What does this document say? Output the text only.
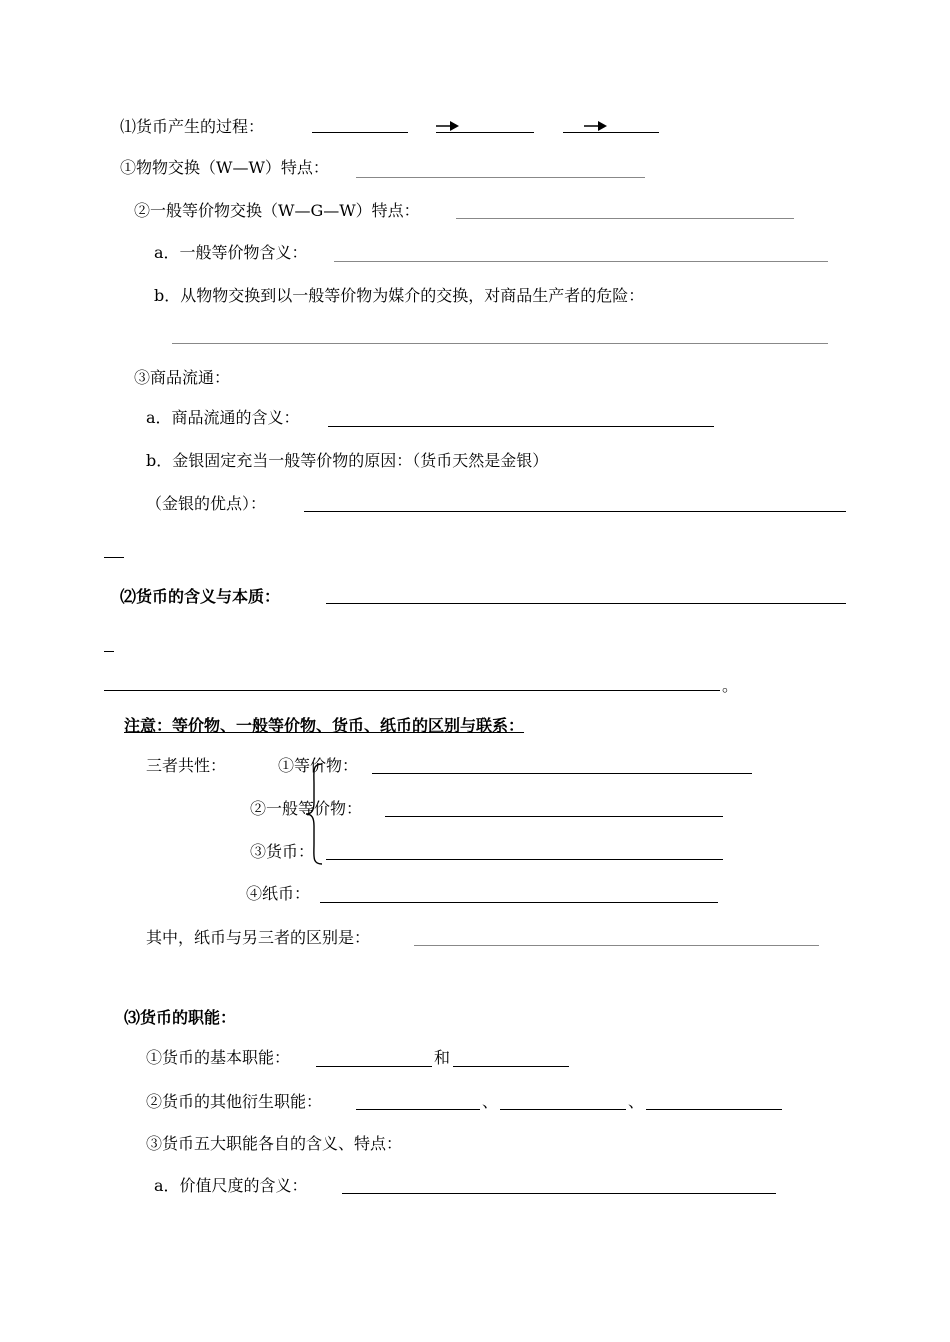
⑴货币产生的过程：
①物物交换（W—W）特点：
②一般等价物交换（W—G—W）特点：
a．一般等价物含义：
b．从物物交换到以一般等价物为媒介的交换，对商品生产者的危险：
③商品流通：
a．商品流通的含义：
b．金银固定充当一般等价物的原因：（货币天然是金银）
（金银的优点）：
⑵货币的含义与本质：
。
注意：等价物、一般等价物、货币、纸币的区别与联系：
三者共性：	①等价物：
②一般等价物：
③货币：
④纸币：
其中，纸币与另三者的区别是：
⑶货币的职能：
①货币的基本职能：	和
②货币的其他衍生职能：	、	、
③货币五大职能各自的含义、特点：
a．价值尺度的含义：
